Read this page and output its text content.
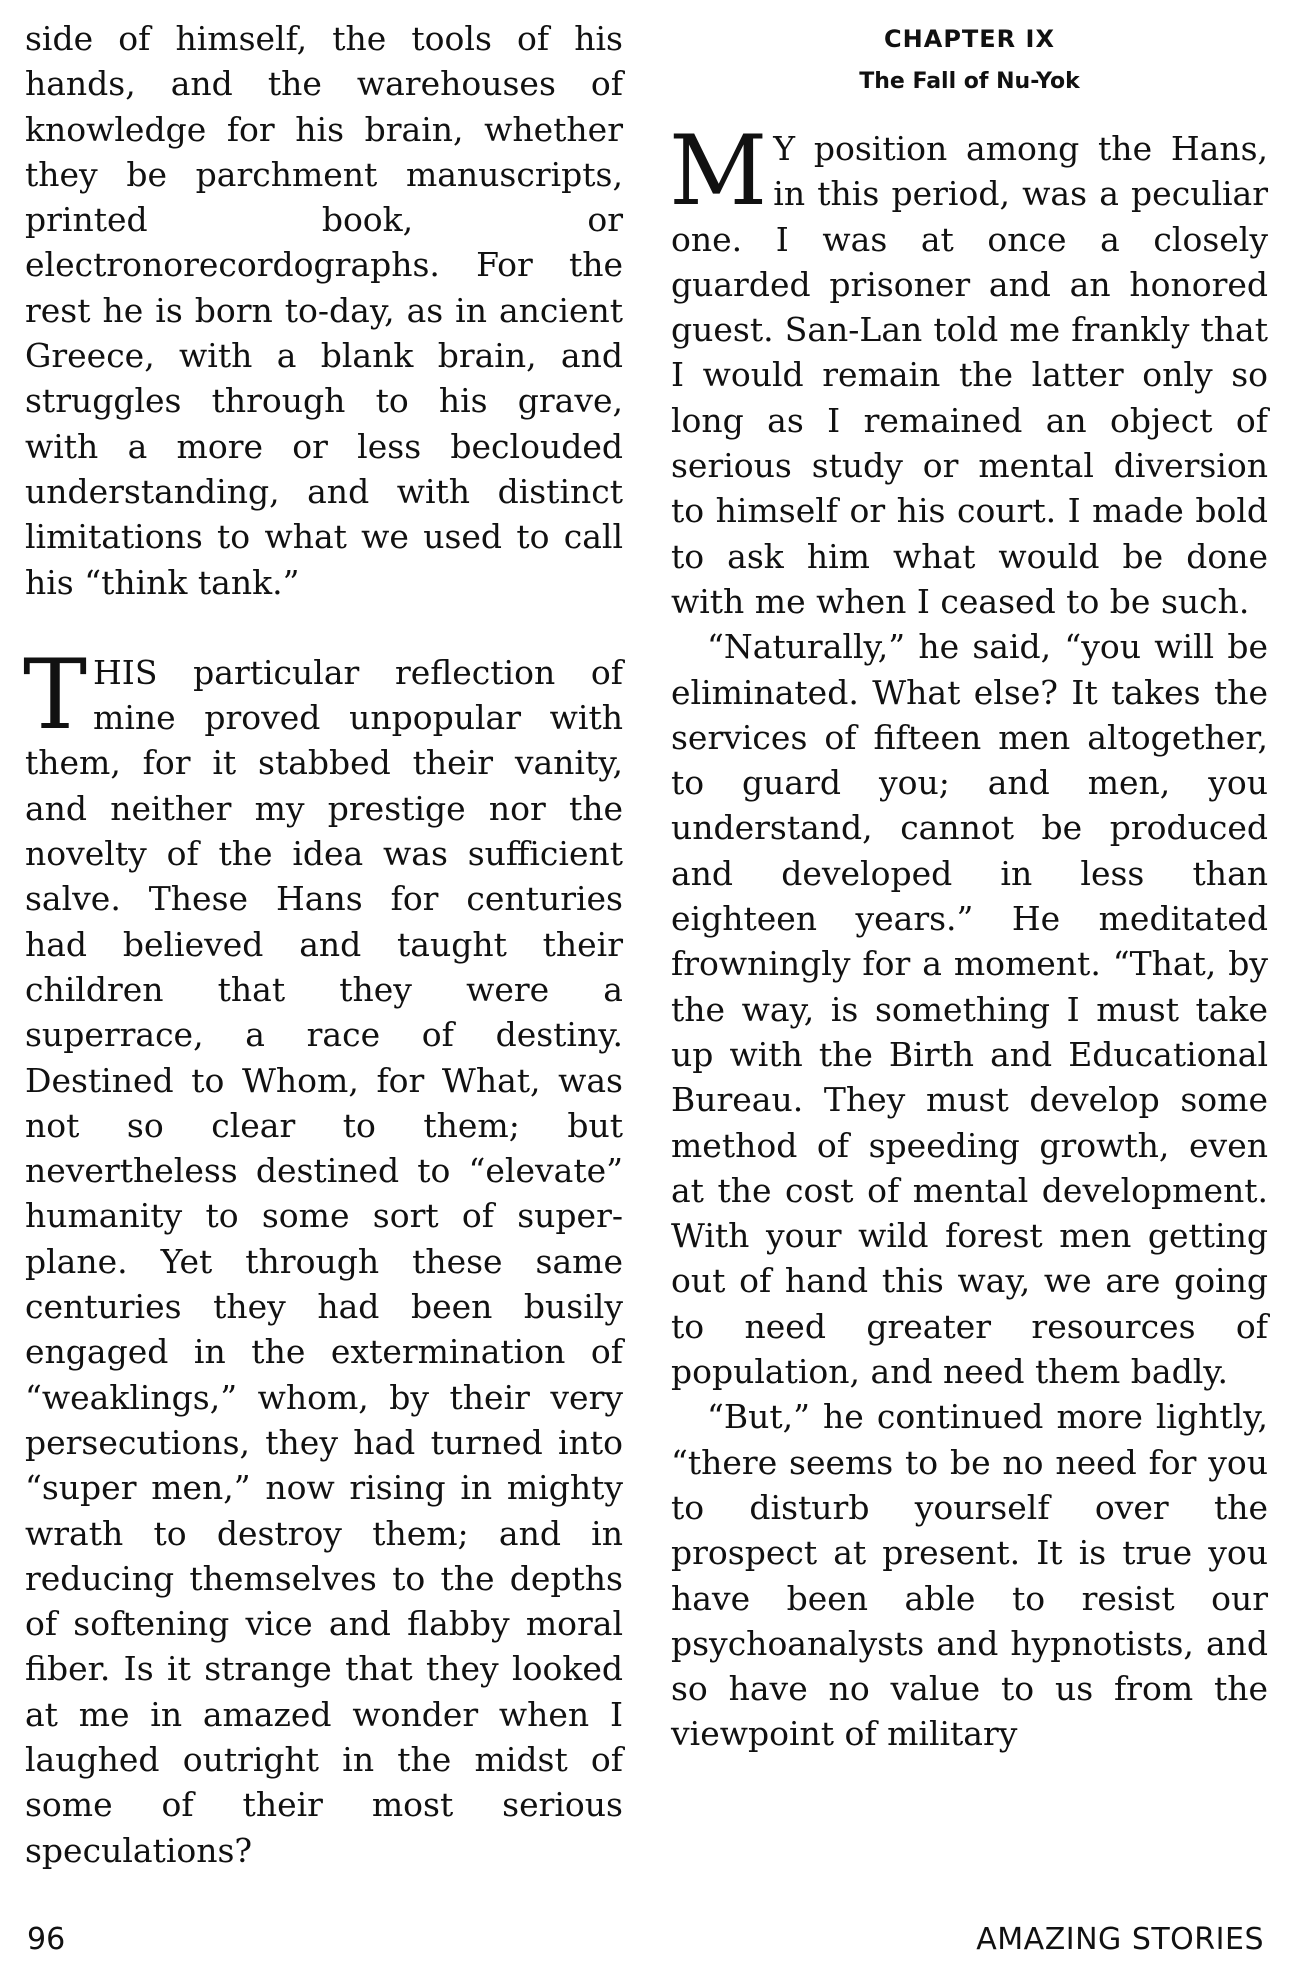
side of himself, the tools of his hands, and the warehouses of knowledge for his brain, whether they be parchment manuscripts, printed book, or electronorecordographs. For the rest he is born to-day, as in ancient Greece, with a blank brain, and struggles through to his grave, with a more or less beclouded understanding, and with distinct limitations to what we used to call his “think tank.”

THIS particular reflection of mine proved unpopular with them, for it stabbed their vanity, and neither my prestige nor the novelty of the idea was sufficient salve. These Hans for centuries had believed and taught their children that they were a superrace, a race of destiny. Destined to Whom, for What, was not so clear to them; but nevertheless destined to “elevate” humanity to some sort of super-plane. Yet through these same centuries they had been busily engaged in the extermination of “weaklings,” whom, by their very persecutions, they had turned into “super men,” now rising in mighty wrath to destroy them; and in reducing themselves to the depths of softening vice and flabby moral fiber. Is it strange that they looked at me in amazed wonder when I laughed outright in the midst of some of their most serious speculations?

CHAPTER IX

The Fall of Nu-Yok

M Y position among the Hans, in this period, was a peculiar one. I was at once a closely guarded prisoner and an honored guest. San-Lan told me frankly that I would remain the latter only so long as I remained an object of serious study or mental diversion to himself or his court. I made bold to ask him what would be done with me when I ceased to be such.

“Naturally,” he said, “you will be eliminated. What else? It takes the services of fifteen men altogether, to guard you; and men, you understand, cannot be produced and developed in less than eighteen years.” He meditated frowningly for a moment. “That, by the way, is something I must take up with the Birth and Educational Bureau. They must develop some method of speeding growth, even at the cost of mental development. With your wild forest men getting out of hand this way, we are going to need greater resources of population, and need them badly.

“But,” he continued more lightly, “there seems to be no need for you to disturb yourself over the prospect at present. It is true you have been able to resist our psychoanalysts and hypnotists, and so have no value to us from the viewpoint of military

96	AMAZING STORIES
